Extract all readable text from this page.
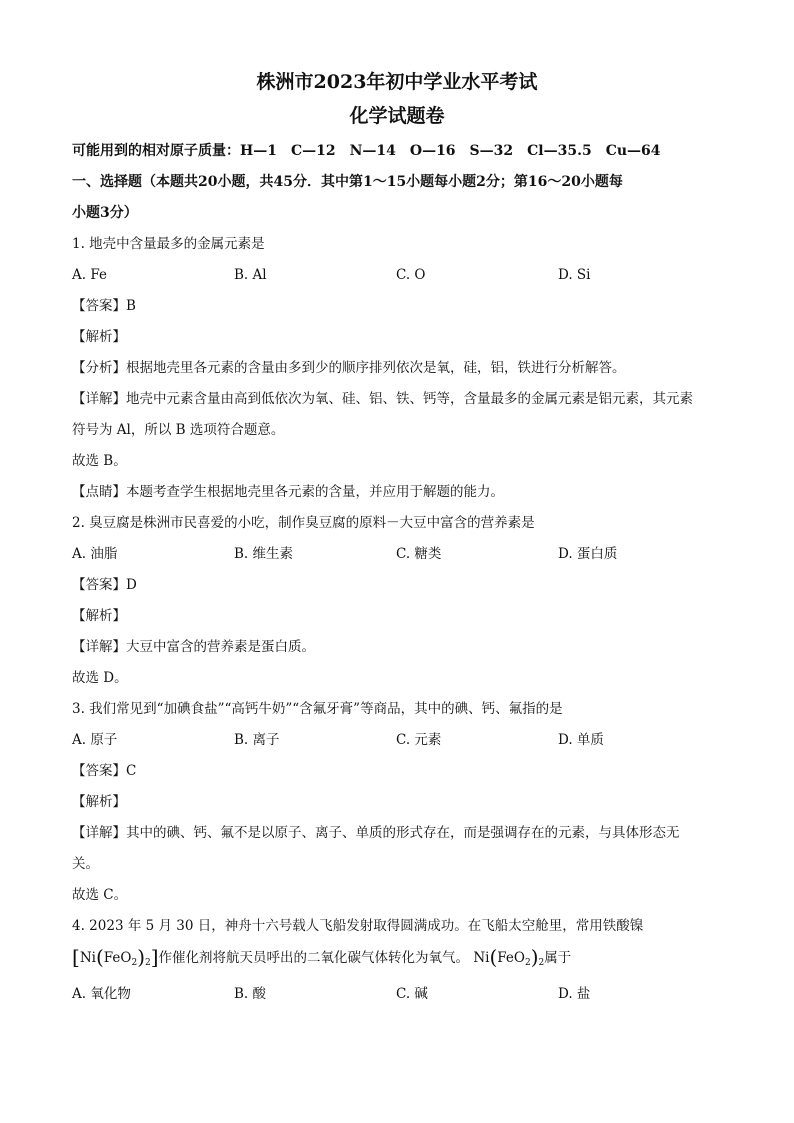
株洲市2023年初中学业水平考试
化学试题卷
可能用到的相对原子质量：H—1　C—12　N—14　O—16　S—32　Cl—35.5　Cu—64
一、选择题（本题共20小题，共45分．其中第1～15小题每小题2分；第16～20小题每
小题3分）
1. 地壳中含量最多的金属元素是
A. Fe	B. Al	C. O	D. Si
【答案】B
【解析】
【分析】根据地壳里各元素的含量由多到少的顺序排列依次是氧，硅，铝，铁进行分析解答。
【详解】地壳中元素含量由高到低依次为氧、硅、铝、铁、钙等，含量最多的金属元素是铝元素，其元素
符号为 Al，所以 B 选项符合题意。
故选 B。
【点睛】本题考查学生根据地壳里各元素的含量，并应用于解题的能力。
2. 臭豆腐是株洲市民喜爱的小吃，制作臭豆腐的原料－大豆中富含的营养素是
A. 油脂	B. 维生素	C. 糖类	D. 蛋白质
【答案】D
【解析】
【详解】大豆中富含的营养素是蛋白质。
故选 D。
3. 我们常见到“加碘食盐”“高钙牛奶”“含氟牙膏”等商品，其中的碘、钙、氟指的是
A. 原子	B. 离子	C. 元素	D. 单质
【答案】C
【解析】
【详解】其中的碘、钙、氟不是以原子、离子、单质的形式存在，而是强调存在的元素，与具体形态无
关。
故选 C。
4. 2023 年 5 月 30 日，神舟十六号载人飞船发射取得圆满成功。在飞船太空舱里，常用铁酸镍
$[Ni(FeO_2)_2]$作催化剂将航天员呼出的二氧化碳气体转化为氧气。 $Ni(FeO_2)_2$属于
A. 氧化物	B. 酸	C. 碱	D. 盐
